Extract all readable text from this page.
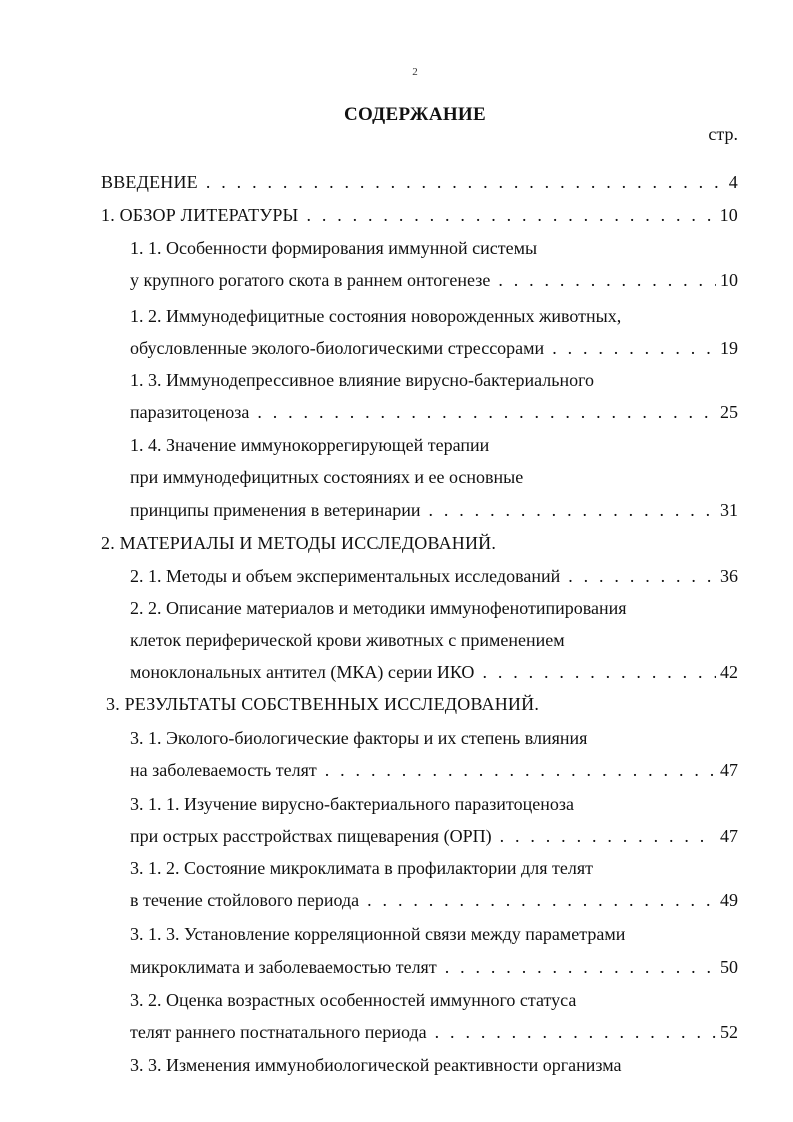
2
СОДЕРЖАНИЕ
стр.
ВВЕДЕНИЕ . . .	4
1. ОБЗОР ЛИТЕРАТУРЫ . . .	10
1. 1. Особенности формирования иммунной системы
у крупного рогатого скота в раннем онтогенезе . . .	10
1. 2. Иммунодефицитные состояния новорожденных животных,
обусловленные эколого-биологическими стрессорами . . .	19
1. 3. Иммунодепрессивное влияние вирусно-бактериального
паразитоценоза . . .	25
1. 4. Значение иммунокоррегирующей терапии
при иммунодефицитных состояниях и ее основные
принципы применения в ветеринарии . . .	31
2. МАТЕРИАЛЫ И МЕТОДЫ ИССЛЕДОВАНИЙ.
2. 1. Методы и объем экспериментальных исследований . . .	36
2. 2. Описание материалов и методики иммунофенотипирования
клеток периферической крови животных с применением
моноклональных антител (МКА) серии ИКО . . .	42
3. РЕЗУЛЬТАТЫ СОБСТВЕННЫХ ИССЛЕДОВАНИЙ.
3. 1. Эколого-биологические факторы и их степень влияния
на заболеваемость телят . . .	47
3. 1. 1. Изучение вирусно-бактериального паразитоценоза
при острых расстройствах пищеварения (ОРП) . . .	47
3. 1. 2. Состояние микроклимата в профилактории для телят
в течение стойлового периода . . .	49
3. 1. 3. Установление корреляционной связи между параметрами
микроклимата и заболеваемостью телят . . .	50
3. 2. Оценка возрастных особенностей иммунного статуса
телят раннего постнатального периода . . .	52
3. 3. Изменения иммунобиологической реактивности организма
